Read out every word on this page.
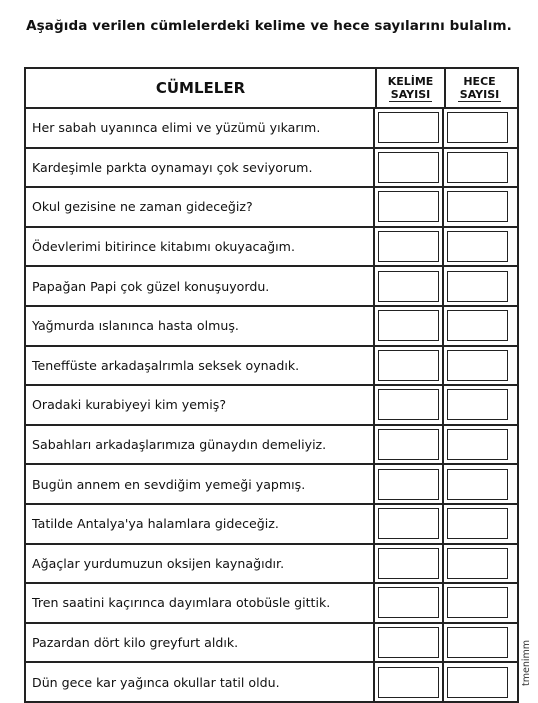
Aşağıda verilen cümlelerdeki kelime ve hece sayılarını bulalım.
CÜMLELER	KELİME
SAYISI
HECE
SAYISI
Her sabah uyanınca elimi ve yüzümü yıkarım.
Kardeşimle parkta oynamayı çok seviyorum.
Okul gezisine ne zaman gideceğiz?
Ödevlerimi bitirince kitabımı okuyacağım.
Papağan Papi çok güzel konuşuyordu.
Yağmurda ıslanınca hasta olmuş.
Teneffüste arkadaşalrımla seksek oynadık.
Oradaki kurabiyeyi kim yemiş?
Sabahları arkadaşlarımıza günaydın demeliyiz.
Bugün annem en sevdiğim yemeği yapmış.
Tatilde Antalya'ya halamlara gideceğiz.
Ağaçlar yurdumuzun oksijen kaynağıdır.
Tren saatini kaçırınca dayımlara otobüsle gittik.
Pazardan dört kilo greyfurt aldık.
Dün gece kar yağınca okullar tatil oldu.	tmenimm
